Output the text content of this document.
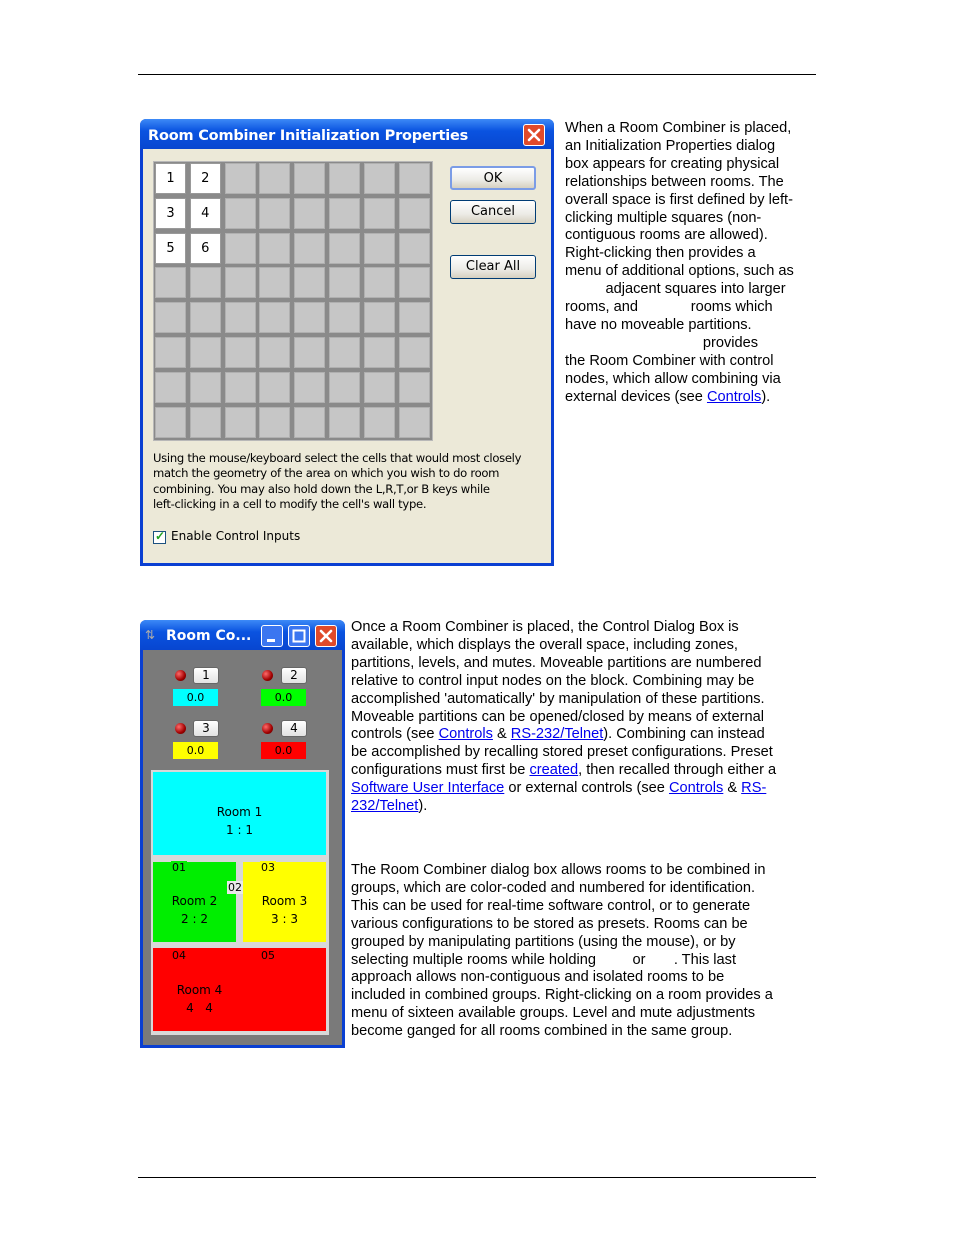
Room Combiner Initialization Properties
1	2
3	4
5	6
OK
Cancel
Clear All
Using the mouse/keyboard select the cells that would most closely
match the geometry of the area on which you wish to do room
combining. You may also hold down the L,R,T,or B keys while
left-clicking in a cell to modify the cell's wall type.
✓ Enable Control Inputs
When a Room Combiner is placed,
an Initialization Properties dialog
box appears for creating physical
relationships between rooms. The
overall space is first defined by left-
clicking multiple squares (non-
contiguous rooms are allowed).
Right-clicking then provides a
menu of additional options, such as
adjacent squares into larger
rooms, and             rooms which
have no moveable partitions.
provides
the Room Combiner with control
nodes, which allow combining via
external devices (see Controls).
⇅ Room Co...
1
0.0
2
0.0
3
0.0
4
0.0
Room 1
1 : 1
Room 2
2 : 2
Room 3
3 : 3
Room 4
4   4
01
02
03
04	05
Once a Room Combiner is placed, the Control Dialog Box is
available, which displays the overall space, including zones,
partitions, levels, and mutes. Moveable partitions are numbered
relative to control input nodes on the block. Combining may be
accomplished 'automatically' by manipulation of these partitions.
Moveable partitions can be opened/closed by means of external
controls (see Controls & RS-232/Telnet). Combining can instead
be accomplished by recalling stored preset configurations. Preset
configurations must first be created, then recalled through either a
Software User Interface or external controls (see Controls & RS-
232/Telnet).
The Room Combiner dialog box allows rooms to be combined in
groups, which are color-coded and numbered for identification.
This can be used for real-time software control, or to generate
various configurations to be stored as presets. Rooms can be
grouped by manipulating partitions (using the mouse), or by
selecting multiple rooms while holding         or       . This last
approach allows non-contiguous and isolated rooms to be
included in combined groups. Right-clicking on a room provides a
menu of sixteen available groups. Level and mute adjustments
become ganged for all rooms combined in the same group.
